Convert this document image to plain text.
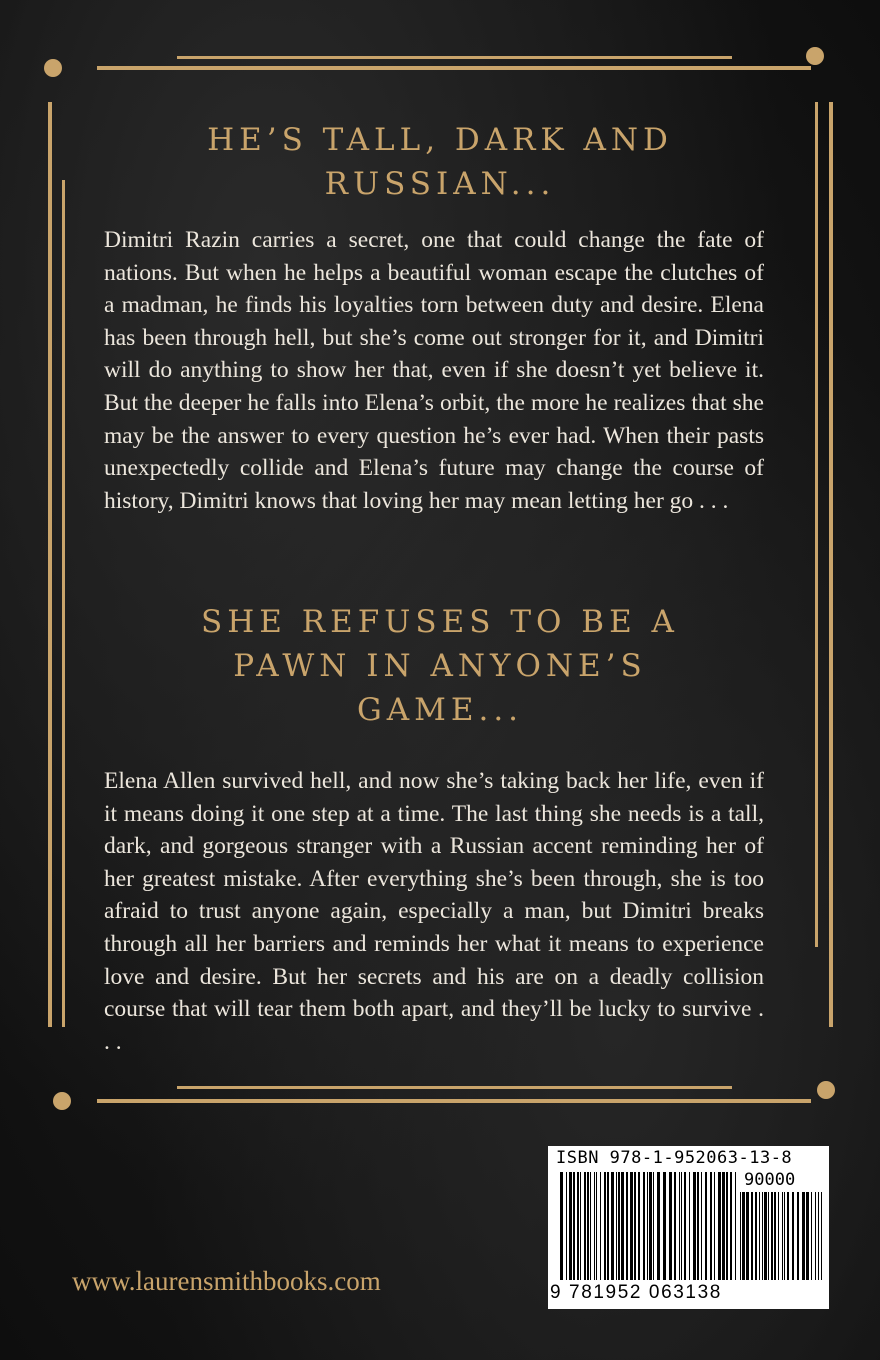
HE’S TALL, DARK AND
RUSSIAN...

Dimitri Razin carries a secret, one that could change the fate of nations. But when he helps a beautiful woman escape the clutches of a madman, he finds his loyalties torn between duty and desire. Elena has been through hell, but she’s come out stronger for it, and Dimitri will do anything to show her that, even if she doesn’t yet believe it. But the deeper he falls into Elena’s orbit, the more he realizes that she may be the answer to every question he’s ever had. When their pasts unexpectedly collide and Elena’s future may change the course of history, Dimitri knows that loving her may mean letting her go . . .

SHE REFUSES TO BE A
PAWN IN ANYONE’S
GAME...

Elena Allen survived hell, and now she’s taking back her life, even if it means doing it one step at a time. The last thing she needs is a tall, dark, and gorgeous stranger with a Russian accent reminding her of her greatest mistake. After everything she’s been through, she is too afraid to trust anyone again, especially a man, but Dimitri breaks through all her barriers and reminds her what it means to experience love and desire. But her secrets and his are on a deadly collision course that will tear them both apart, and they’ll be lucky to survive . . .

www.laurensmithbooks.com
ISBN 978-1-952063-13-8
90000
9 781952 063138
